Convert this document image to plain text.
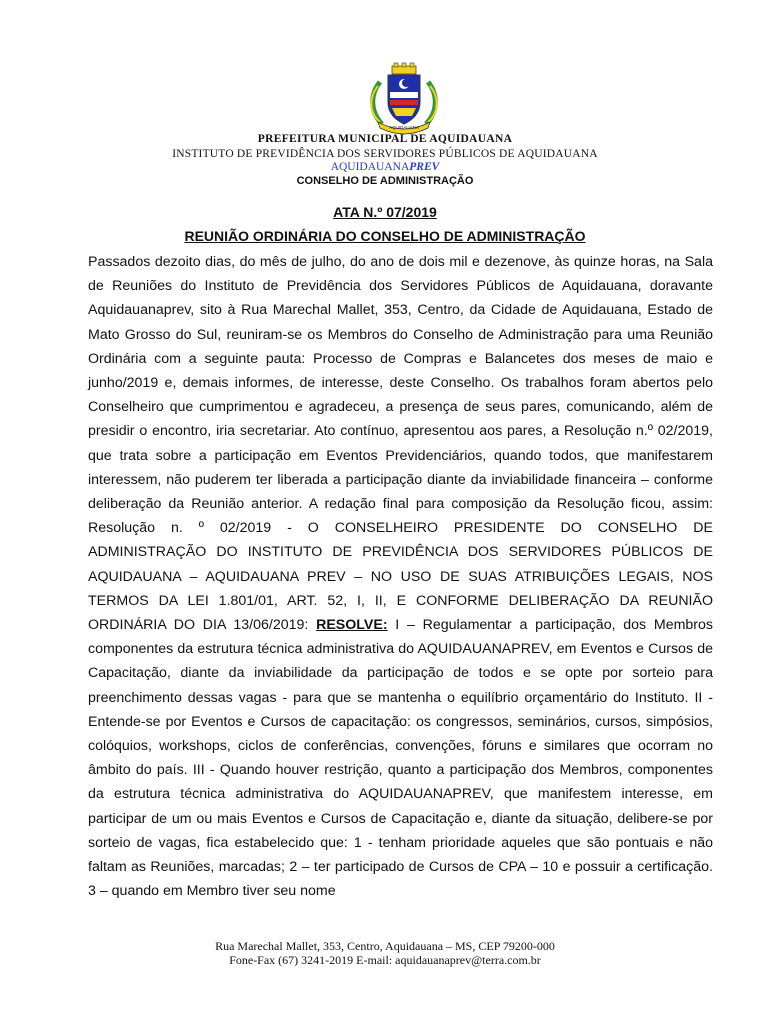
AQUIDAUANA
PREFEITURA MUNICIPAL DE AQUIDAUANA
INSTITUTO DE PREVIDÊNCIA DOS SERVIDORES PÚBLICOS DE AQUIDAUANA
AQUIDAUANAPREV
CONSELHO DE ADMINISTRAÇÃO
ATA N.º 07/2019
REUNIÃO ORDINÁRIA DO CONSELHO DE ADMINISTRAÇÃO

Passados dezoito dias, do mês de julho, do ano de dois mil e dezenove, às quinze horas, na Sala de Reuniões do Instituto de Previdência dos Servidores Públicos de Aquidauana, doravante Aquidauanaprev, sito à Rua Marechal Mallet, 353, Centro, da Cidade de Aquidauana, Estado de Mato Grosso do Sul, reuniram-se os Membros do Conselho de Administração para uma Reunião Ordinária com a seguinte pauta: Processo de Compras e Balancetes dos meses de maio e junho/2019 e, demais informes, de interesse, deste Conselho. Os trabalhos foram abertos pelo Conselheiro que cumprimentou e agradeceu, a presença de seus pares, comunicando, além de presidir o encontro, iria secretariar. Ato contínuo, apresentou aos pares, a Resolução n.º 02/2019, que trata sobre a participação em Eventos Previdenciários, quando todos, que manifestarem interessem, não puderem ter liberada a participação diante da inviabilidade financeira – conforme deliberação da Reunião anterior. A redação final para composição da Resolução ficou, assim: Resolução n. º 02/2019 - O CONSELHEIRO PRESIDENTE DO CONSELHO DE ADMINISTRAÇÃO DO INSTITUTO DE PREVIDÊNCIA DOS SERVIDORES PÚBLICOS DE AQUIDAUANA – AQUIDAUANA PREV – NO USO DE SUAS ATRIBUIÇÕES LEGAIS, NOS TERMOS DA LEI 1.801/01, ART. 52, I, II, E CONFORME DELIBERAÇÃO DA REUNIÃO ORDINÁRIA DO DIA 13/06/2019: RESOLVE: I – Regulamentar a participação, dos Membros componentes da estrutura técnica administrativa do AQUIDAUANAPREV, em Eventos e Cursos de Capacitação, diante da inviabilidade da participação de todos e se opte por sorteio para preenchimento dessas vagas - para que se mantenha o equilíbrio orçamentário do Instituto. II - Entende-se por Eventos e Cursos de capacitação: os congressos, seminários, cursos, simpósios, colóquios, workshops, ciclos de conferências, convenções, fóruns e similares que ocorram no âmbito do país. III - Quando houver restrição, quanto a participação dos Membros, componentes da estrutura técnica administrativa do AQUIDAUANAPREV, que manifestem interesse, em participar de um ou mais Eventos e Cursos de Capacitação e, diante da situação, delibere-se por sorteio de vagas, fica estabelecido que: 1 - tenham prioridade aqueles que são pontuais e não faltam as Reuniões, marcadas; 2 – ter participado de Cursos de CPA – 10 e possuir a certificação. 3 – quando em Membro tiver seu nome

Rua Marechal Mallet, 353, Centro, Aquidauana – MS, CEP 79200-000
Fone-Fax (67) 3241-2019 E-mail: aquidauanaprev@terra.com.br
